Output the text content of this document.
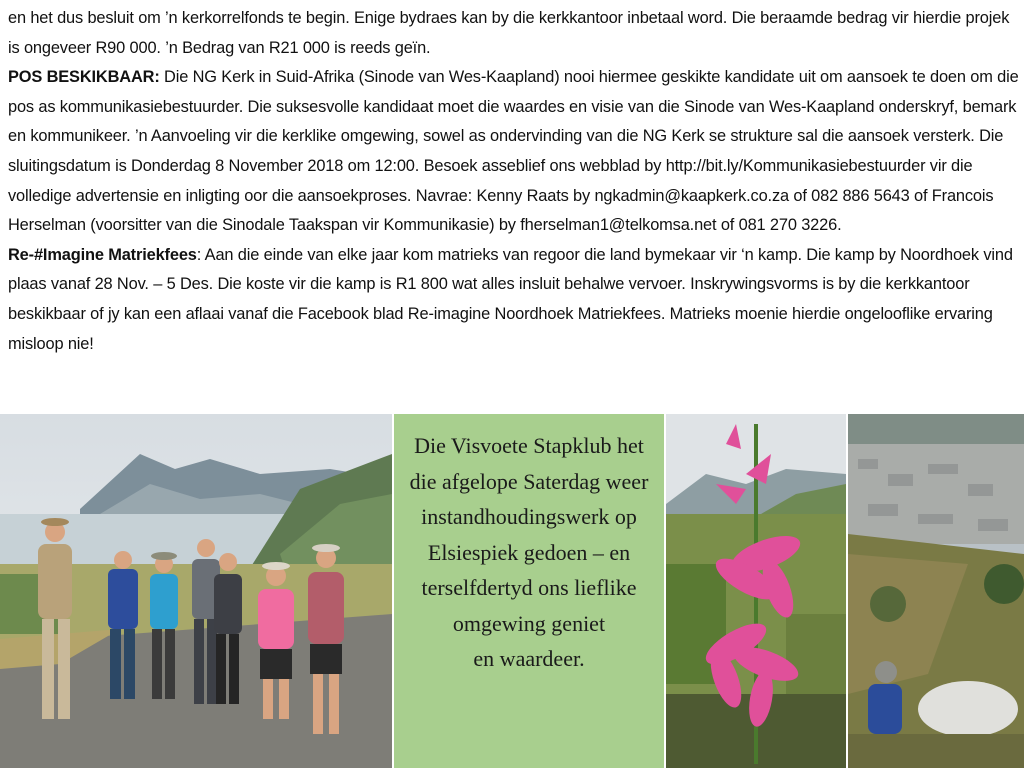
en het dus besluit om ’n kerkorrelfonds te begin. Enige bydraes kan by die kerkkantoor inbetaal word. Die beraamde bedrag vir hierdie projek is ongeveer R90 000. ’n Bedrag van R21 000 is reeds geïn.

POS BESKIKBAAR: Die NG Kerk in Suid-Afrika (Sinode van Wes-Kaapland) nooi hiermee geskikte kandidate uit om aansoek te doen om die pos as kommunikasiebestuurder. Die suksesvolle kandidaat moet die waardes en visie van die Sinode van Wes-Kaapland onderskryf, bemark en kommunikeer. ’n Aanvoeling vir die kerklike omgewing, sowel as ondervinding van die NG Kerk se strukture sal die aansoek versterk. Die sluitingsdatum is Donderdag 8 November 2018 om 12:00. Besoek asseblief ons webblad by http://bit.ly/Kommunikasiebestuurder vir die volledige advertensie en inligting oor die aansoekproses. Navrae: Kenny Raats by ngkadmin@kaapkerk.co.za of 082 886 5643 of Francois Herselman (voorsitter van die Sinodale Taakspan vir Kommunikasie) by fherselman1@telkomsa.net of 081 270 3226.

Re-#Imagine Matriekfees: Aan die einde van elke jaar kom matrieks van regoor die land bymekaar vir ‘n kamp. Die kamp by Noordhoek vind plaas vanaf 28 Nov. – 5 Des. Die koste vir die kamp is R1 800 wat alles insluit behalwe vervoer. Inskrywingsvorms is by die kerkkantoor beskikbaar of jy kan een aflaai vanaf die Facebook blad Re-imagine Noordhoek Matriekfees. Matrieks moenie hierdie ongelooflike ervaring misloop nie!

Die Visvoete Stapklub het
die afgelope Saterdag weer
instandhoudingswerk op
Elsiespiek gedoen – en
terselfdertyd ons lieflike
omgewing geniet
en waardeer.
